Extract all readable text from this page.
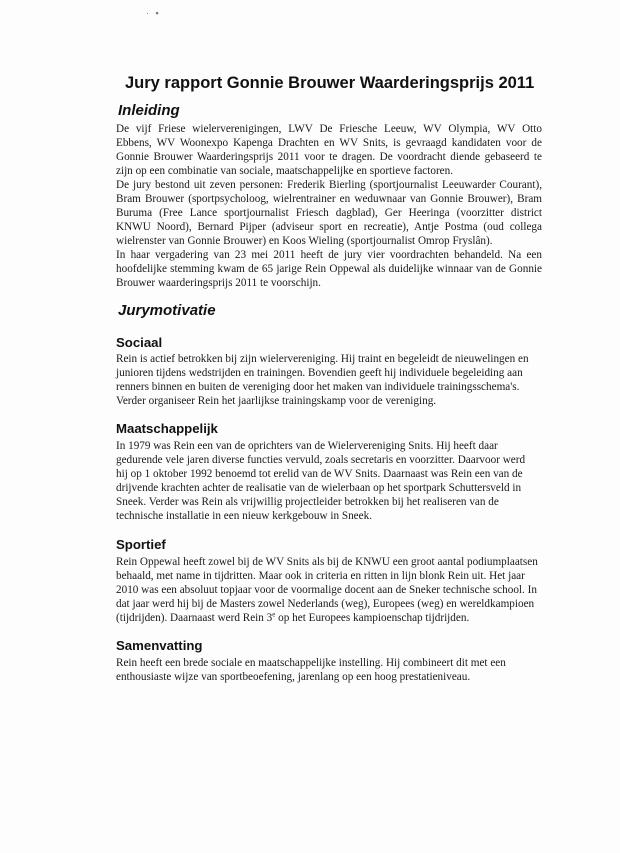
· ▪
Jury rapport Gonnie Brouwer Waarderingsprijs 2011
Inleiding
De vijf Friese wielerverenigingen, LWV De Friesche Leeuw, WV Olympia, WV Otto
Ebbens, WV Woonexpo Kapenga Drachten en WV Snits, is gevraagd kandidaten voor de
Gonnie Brouwer Waarderingsprijs 2011 voor te dragen. De voordracht diende gebaseerd te
zijn op een combinatie van sociale, maatschappelijke en sportieve factoren.
De jury bestond uit zeven personen: Frederik Bierling (sportjournalist Leeuwarder Courant),
Bram Brouwer (sportpsycholoog, wielrentrainer en weduwnaar van Gonnie Brouwer), Bram
Buruma (Free Lance sportjournalist Friesch dagblad), Ger Heeringa (voorzitter district
KNWU Noord), Bernard Pijper (adviseur sport en recreatie), Antje Postma (oud collega
wielrenster van Gonnie Brouwer) en Koos Wieling (sportjournalist Omrop Fryslân).
In haar vergadering van 23 mei 2011 heeft de jury vier voordrachten behandeld. Na een
hoofdelijke stemming kwam de 65 jarige Rein Oppewal als duidelijke winnaar van de Gonnie
Brouwer waarderingsprijs 2011 te voorschijn.
Jurymotivatie
Sociaal
Rein is actief betrokken bij zijn wielervereniging. Hij traint en begeleidt de nieuwelingen en
junioren tijdens wedstrijden en trainingen. Bovendien geeft hij individuele begeleiding aan
renners binnen en buiten de vereniging door het maken van individuele trainingsschema's.
Verder organiseer Rein het jaarlijkse trainingskamp voor de vereniging.
Maatschappelijk
In 1979 was Rein een van de oprichters van de Wielervereniging Snits. Hij heeft daar
gedurende vele jaren diverse functies vervuld, zoals secretaris en voorzitter. Daarvoor werd
hij op 1 oktober 1992 benoemd tot erelid van de WV Snits. Daarnaast was Rein een van de
drijvende krachten achter de realisatie van de wielerbaan op het sportpark Schuttersveld in
Sneek. Verder was Rein als vrijwillig projectleider betrokken bij het realiseren van de
technische installatie in een nieuw kerkgebouw in Sneek.
Sportief
Rein Oppewal heeft zowel bij de WV Snits als bij de KNWU een groot aantal podiumplaatsen
behaald, met name in tijdritten. Maar ook in criteria en ritten in lijn blonk Rein uit. Het jaar
2010 was een absoluut topjaar voor de voormalige docent aan de Sneker technische school. In
dat jaar werd hij bij de Masters zowel Nederlands (weg), Europees (weg) en wereldkampioen
(tijdrijden). Daarnaast werd Rein 3e op het Europees kampioenschap tijdrijden.
Samenvatting
Rein heeft een brede sociale en maatschappelijke instelling. Hij combineert dit met een
enthousiaste wijze van sportbeoefening, jarenlang op een hoog prestatieniveau.
